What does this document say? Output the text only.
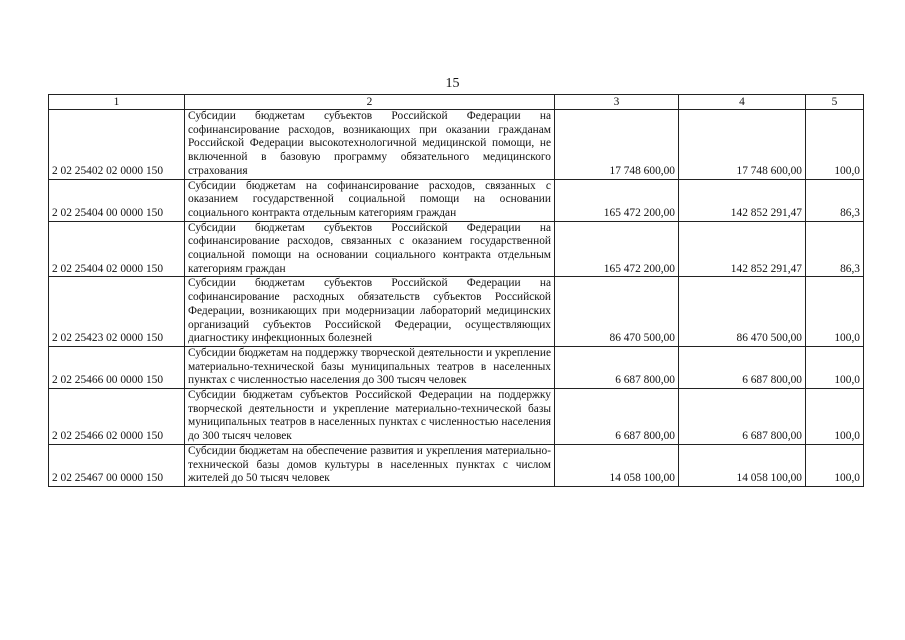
15
1	2	3	4	5
2 02 25402 02 0000 150	Субсидии бюджетам субъектов Российской Федерации на софинансирование расходов, возникающих при оказании гражданам Российской Федерации высокотехнологичной медицинской помощи, не включенной в базовую программу обязательного медицинского страхования	17 748 600,00	17 748 600,00	100,0
2 02 25404 00 0000 150	Субсидии бюджетам на софинансирование расходов, связанных с оказанием государственной социальной помощи на основании социального контракта отдельным категориям граждан	165 472 200,00	142 852 291,47	86,3
2 02 25404 02 0000 150	Субсидии бюджетам субъектов Российской Федерации на софинансирование расходов, связанных с оказанием государственной социальной помощи на основании социального контракта отдельным категориям граждан	165 472 200,00	142 852 291,47	86,3
2 02 25423 02 0000 150	Субсидии бюджетам субъектов Российской Федерации на софинансирование расходных обязательств субъектов Российской Федерации, возникающих при модернизации лабораторий медицинских организаций субъектов Российской Федерации, осуществляющих диагностику инфекционных болезней	86 470 500,00	86 470 500,00	100,0
2 02 25466 00 0000 150	Субсидии бюджетам на поддержку творческой деятельности и укрепление материально-технической базы муниципальных театров в населенных пунктах с численностью населения до 300 тысяч человек	6 687 800,00	6 687 800,00	100,0
2 02 25466 02 0000 150	Субсидии бюджетам субъектов Российской Федерации на поддержку творческой деятельности и укрепление материально-технической базы муниципальных театров в населенных пунктах с численностью населения до 300 тысяч человек	6 687 800,00	6 687 800,00	100,0
2 02 25467 00 0000 150	Субсидии бюджетам на обеспечение развития и укрепления материально-технической базы домов культуры в населенных пунктах с числом жителей до 50 тысяч человек	14 058 100,00	14 058 100,00	100,0
